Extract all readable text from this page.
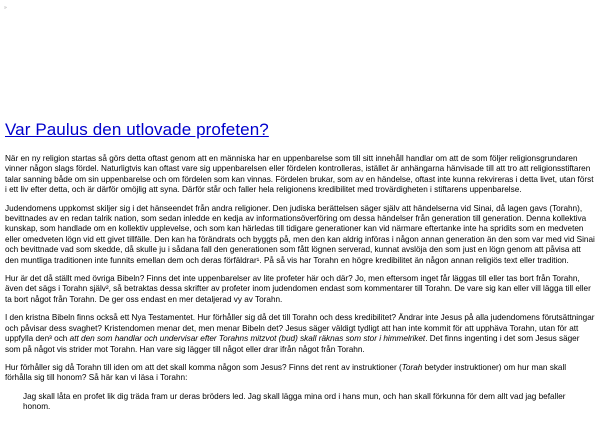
»
Var Paulus den utlovade profeten?

När en ny religion startas så görs detta oftast genom att en människa har en uppenbarelse som till sitt innehåll handlar om att de som följer religionsgrundaren vinner någon slags fördel. Naturligtvis kan oftast vare sig uppenbarelsen eller fördelen kontrolleras, istället är anhängarna hänvisade till att tro att religionsstiftaren talar sanning både om sin uppenbarelse och om fördelen som kan vinnas. Fördelen brukar, som av en händelse, oftast inte kunna rekvireras i detta livet, utan först i ett liv efter detta, och är därför omöjlig att syna. Därför står och faller hela religionens kredibilitet med trovärdigheten i stiftarens uppenbarelse.

Judendomens uppkomst skiljer sig i det hänseendet från andra religioner. Den judiska berättelsen säger själv att händelserna vid Sinai, då lagen gavs (Torahn), bevittnades av en redan talrik nation, som sedan inledde en kedja av informationsöverföring om dessa händelser från generation till generation. Denna kollektiva kunskap, som handlade om en kollektiv upplevelse, och som kan härledas till tidigare generationer kan vid närmare eftertanke inte ha spridits som en medveten eller omedveten lögn vid ett givet tillfälle. Den kan ha förändrats och byggts på, men den kan aldrig införas i någon annan generation än den som var med vid Sinai och bevittnade vad som skedde, då skulle ju i sådana fall den generationen som fått lögnen serverad, kunnat avslöja den som just en lögn genom att påvisa att den muntliga traditionen inte funnits emellan dem och deras förfäldrar¹. På så vis har Torahn en högre kredibilitet än någon annan religiös text eller tradition.

Hur är det då ställt med övriga Bibeln? Finns det inte uppenbarelser av lite profeter här och där? Jo, men eftersom inget får läggas till eller tas bort från Torahn, även det sägs i Torahn själv², så betraktas dessa skrifter av profeter inom judendomen endast som kommentarer till Torahn. De vare sig kan eller vill lägga till eller ta bort något från Torahn. De ger oss endast en mer detaljerad vy av Torahn.

I den kristna Bibeln finns också ett Nya Testamentet. Hur förhåller sig då det till Torahn och dess kredibilitet? Ändrar inte Jesus på alla judendomens förutsättningar och påvisar dess svaghet? Kristendomen menar det, men menar Bibeln det? Jesus säger väldigt tydligt att han inte kommit för att upphäva Torahn, utan för att uppfylla den³ och att den som handlar och undervisar efter Torahns mitzvot (bud) skall räknas som stor i himmelriket. Det finns ingenting i det som Jesus säger som på något vis strider mot Torahn. Han vare sig lägger till något eller drar ifrån något från Torahn.

Hur förhåller sig då Torahn till iden om att det skall komma någon som Jesus? Finns det rent av instruktioner (Torah betyder instruktioner) om hur man skall förhålla sig till honom? Så här kan vi läsa i Torahn:

Jag skall låta en profet lik dig träda fram ur deras bröders led. Jag skall lägga mina ord i hans mun, och han skall förkunna för dem allt vad jag befaller honom.
